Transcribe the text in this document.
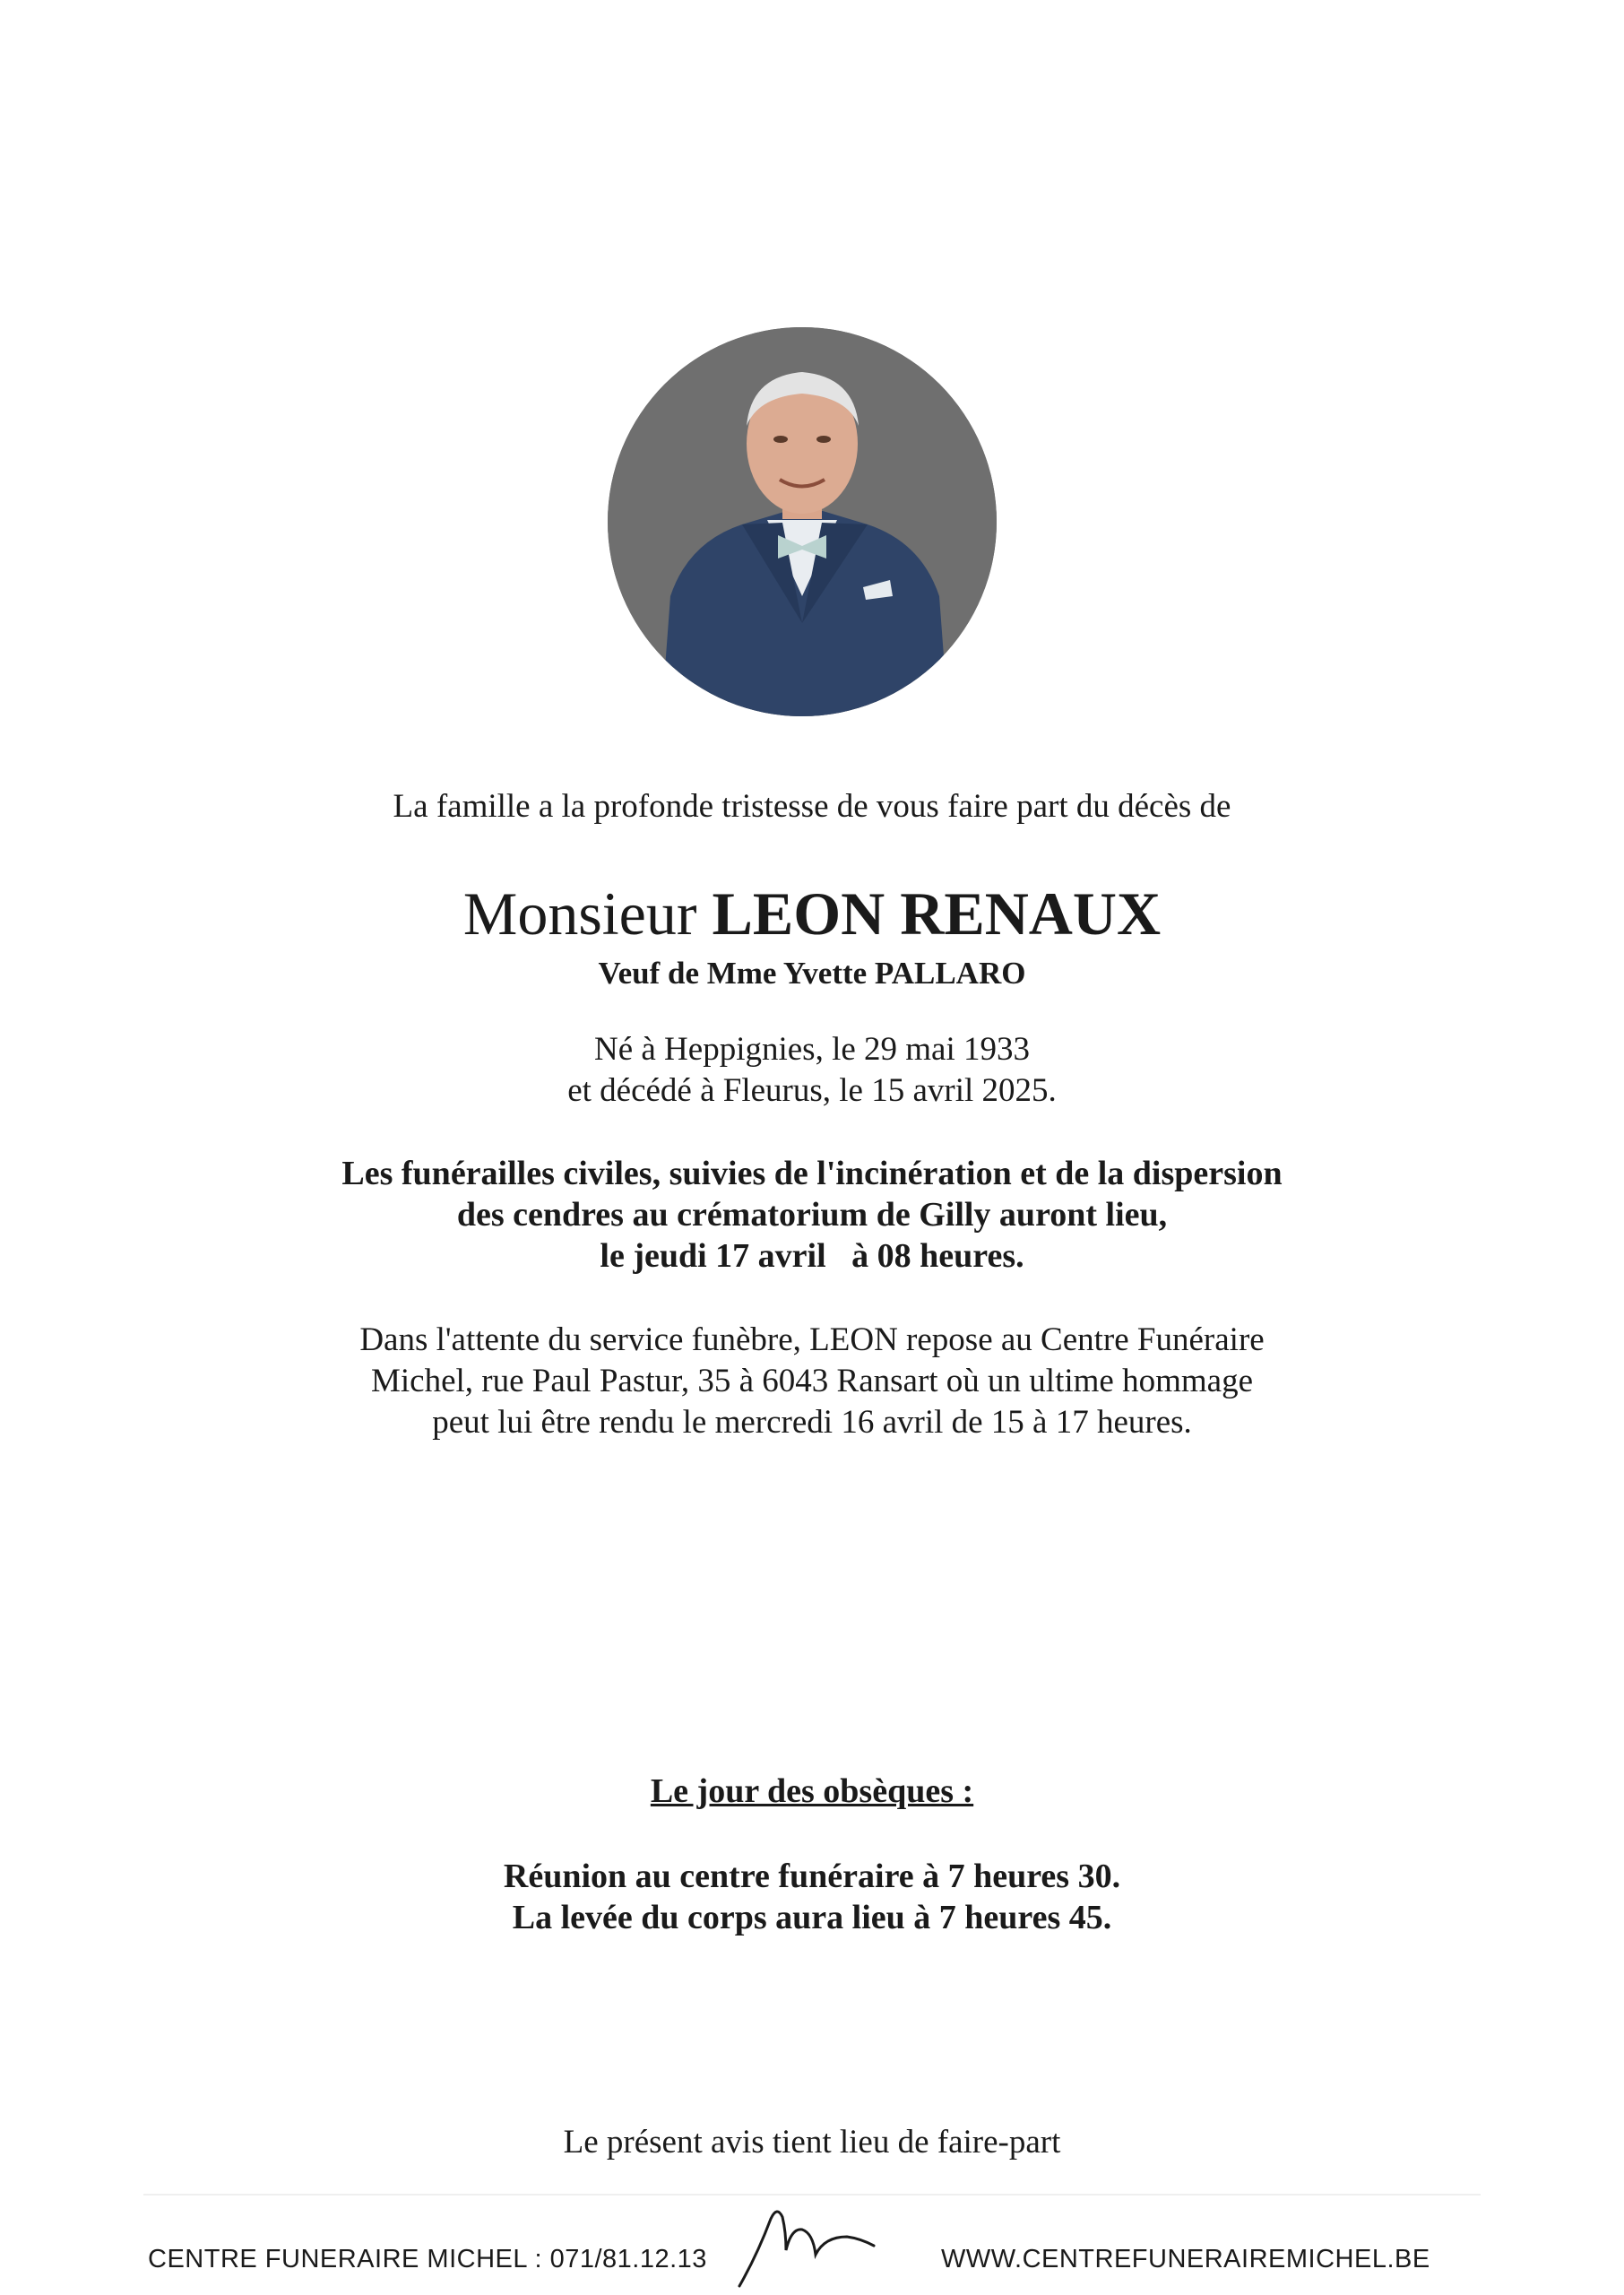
La famille a la profonde tristesse de vous faire part du décès de
Monsieur LEON RENAUX
Veuf de Mme Yvette PALLARO
Né à Heppignies, le 29 mai 1933
et décédé à Fleurus, le 15 avril 2025.
Les funérailles civiles, suivies de l'incinération et de la dispersion
des cendres au crématorium de Gilly auront lieu,
le jeudi 17 avril   à 08 heures.
Dans l'attente du service funèbre, LEON repose au Centre Funéraire
Michel, rue Paul Pastur, 35 à 6043 Ransart où un ultime hommage
peut lui être rendu le mercredi 16 avril de 15 à 17 heures.
Le jour des obsèques :
Réunion au centre funéraire à 7 heures 30.
La levée du corps aura lieu à 7 heures 45.
Le présent avis tient lieu de faire-part
CENTRE FUNERAIRE MICHEL : 071/81.12.13	WWW.CENTREFUNERAIREMICHEL.BE
